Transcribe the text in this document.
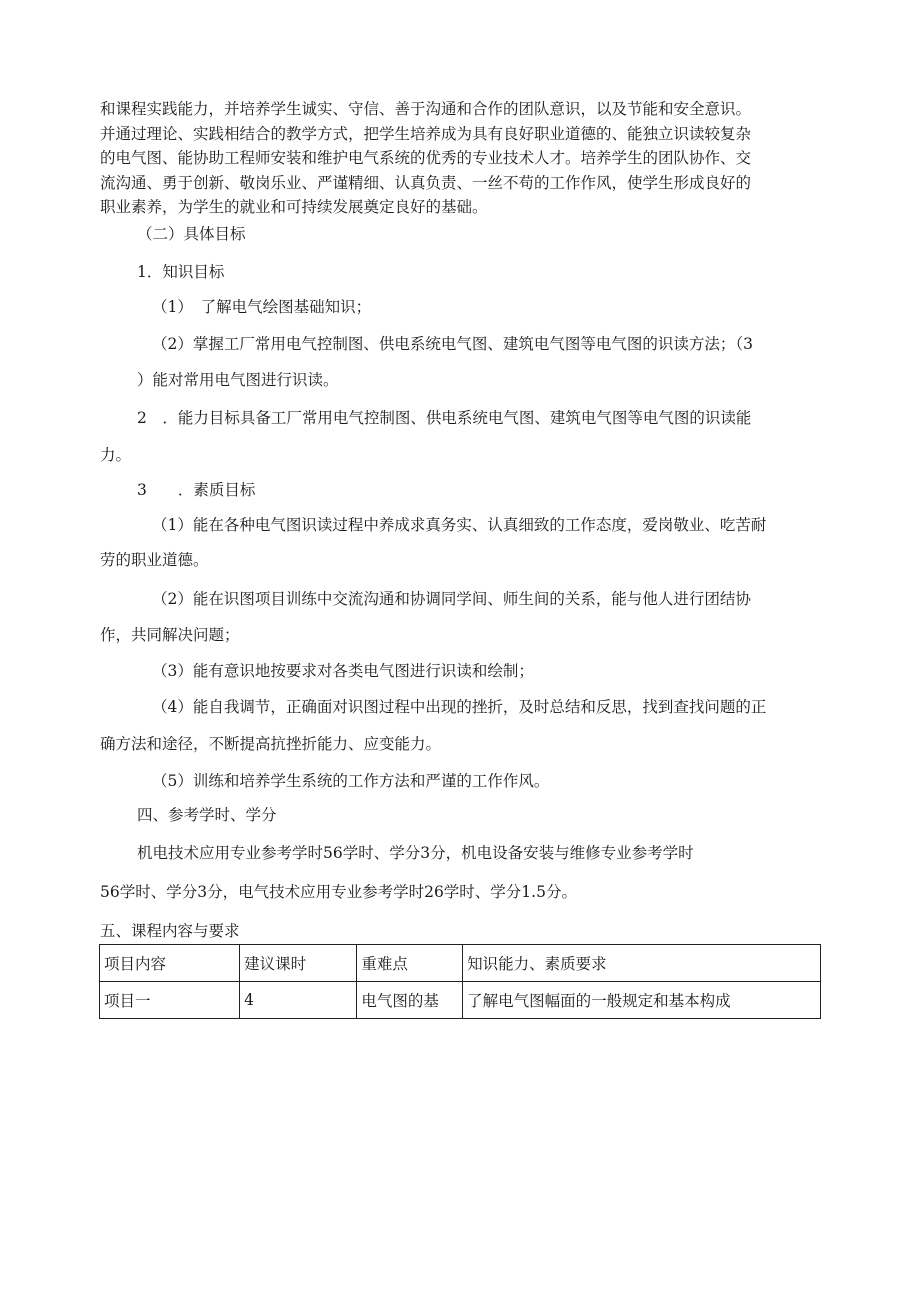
和课程实践能力，并培养学生诚实、守信、善于沟通和合作的团队意识，以及节能和安全意识。
并通过理论、实践相结合的教学方式，把学生培养成为具有良好职业道德的、能独立识读较复杂
的电气图、能协助工程师安装和维护电气系统的优秀的专业技术人才。培养学生的团队协作、交
流沟通、勇于创新、敬岗乐业、严谨精细、认真负责、一丝不苟的工作作风，使学生形成良好的
职业素养，为学生的就业和可持续发展奠定良好的基础。
（二）具体目标
1．知识目标
（1）　了解电气绘图基础知识；
（2）掌握工厂常用电气控制图、供电系统电气图、建筑电气图等电气图的识读方法；（3
）能对常用电气图进行识读。
2　．能力目标具备工厂常用电气控制图、供电系统电气图、建筑电气图等电气图的识读能
力。
3　　．素质目标
（1）能在各种电气图识读过程中养成求真务实、认真细致的工作态度，爱岗敬业、吃苦耐
劳的职业道德。
（2）能在识图项目训练中交流沟通和协调同学间、师生间的关系，能与他人进行团结协
作，共同解决问题；
（3）能有意识地按要求对各类电气图进行识读和绘制；
（4）能自我调节，正确面对识图过程中出现的挫折，及时总结和反思，找到查找问题的正
确方法和途径，不断提高抗挫折能力、应变能力。
（5）训练和培养学生系统的工作方法和严谨的工作作风。
四、参考学时、学分
机电技术应用专业参考学时56学时、学分3分，机电设备安装与维修专业参考学时
56学时、学分3分，电气技术应用专业参考学时26学时、学分1.5分。
五、课程内容与要求
项目内容	建议课时	重难点	知识能力、素质要求
项目一	4	电气图的基	了解电气图幅面的一般规定和基本构成
